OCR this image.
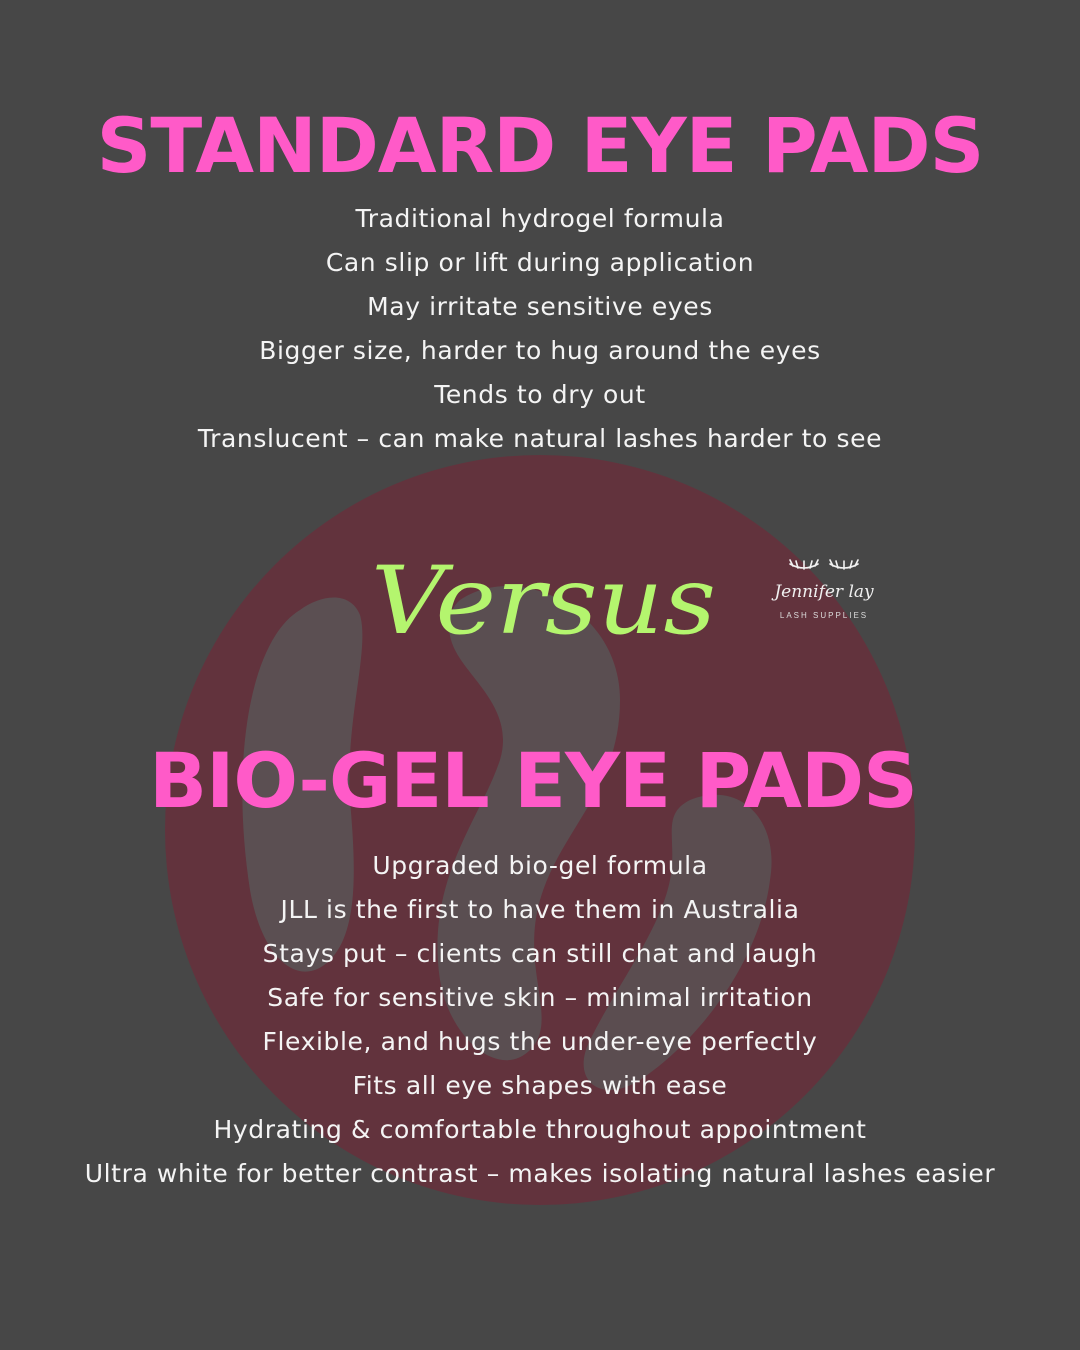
STANDARD EYE PADS
Traditional hydrogel formula
Can slip or lift during application
May irritate sensitive eyes
Bigger size, harder to hug around the eyes
Tends to dry out
Translucent – can make natural lashes harder to see
Versus	Jennifer lay
LASH SUPPLIES
BIO-GEL EYE PADS
Upgraded bio-gel formula
JLL is the first to have them in Australia
Stays put – clients can still chat and laugh
Safe for sensitive skin – minimal irritation
Flexible, and hugs the under-eye perfectly
Fits all eye shapes with ease
Hydrating & comfortable throughout appointment
Ultra white for better contrast – makes isolating natural lashes easier
